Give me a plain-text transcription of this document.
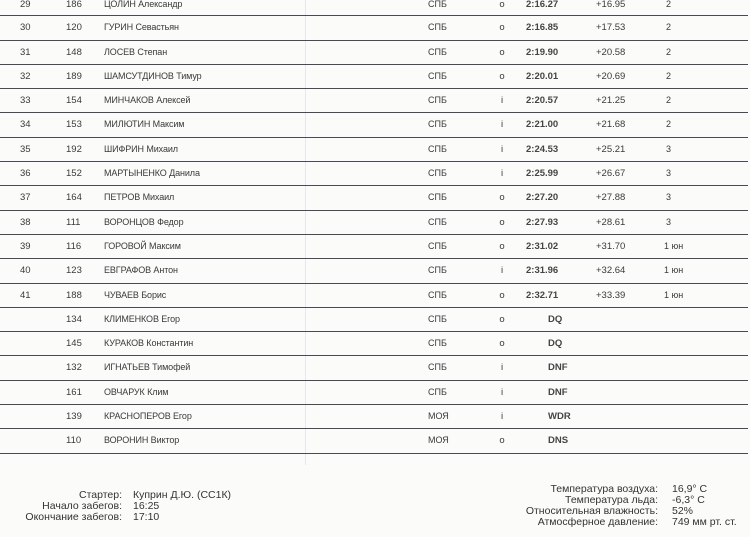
29	186	ЦОЛИН Александр	СПБ	o 2:16.27	+16.95	2
30	120	ГУРИН Севастьян	СПБ	o 2:16.85	+17.53	2
31	148	ЛОСЕВ Степан	СПБ	o 2:19.90	+20.58	2
32	189	ШАМСУТДИНОВ Тимур	СПБ	o 2:20.01	+20.69	2
33	154	МИНЧАКОВ Алексей	СПБ	i	2:20.57	+21.25	2
34	153	МИЛЮТИН Максим	СПБ	i	2:21.00	+21.68	2
35	192	ШИФРИН Михаил	СПБ	i	2:24.53	+25.21	3
36	152	МАРТЫНЕНКО Данила	СПБ	i	2:25.99	+26.67	3
37	164	ПЕТРОВ Михаил	СПБ	o 2:27.20	+27.88	3
38	111	ВОРОНЦОВ Федор	СПБ	o 2:27.93	+28.61	3
39	116	ГОРОВОЙ Максим	СПБ	o 2:31.02	+31.70	1 юн
40	123	ЕВГРАФОВ Антон	СПБ	i	2:31.96	+32.64	1 юн
41	188	ЧУВАЕВ Борис	СПБ	o 2:32.71	+33.39	1 юн
134	КЛИМЕНКОВ Егор	СПБ	o	DQ
145	КУРАКОВ Константин	СПБ	o	DQ
132	ИГНАТЬЕВ Тимофей	СПБ	i	DNF
161	ОВЧАРУК Клим	СПБ	i	DNF
139	КРАСНОПЕРОВ Егор	МОЯ	i	WDR
110	ВОРОНИН Виктор	МОЯ	o	DNS
Стартер: Куприн Д.Ю. (СС1К)
Начало забегов: 16:25
Окончание забегов: 17:10
Температура воздуха: 16,9° С
Температура льда: -6,3° С
Относительная влажность: 52%
Атмосферное давление: 749 мм рт. ст.
